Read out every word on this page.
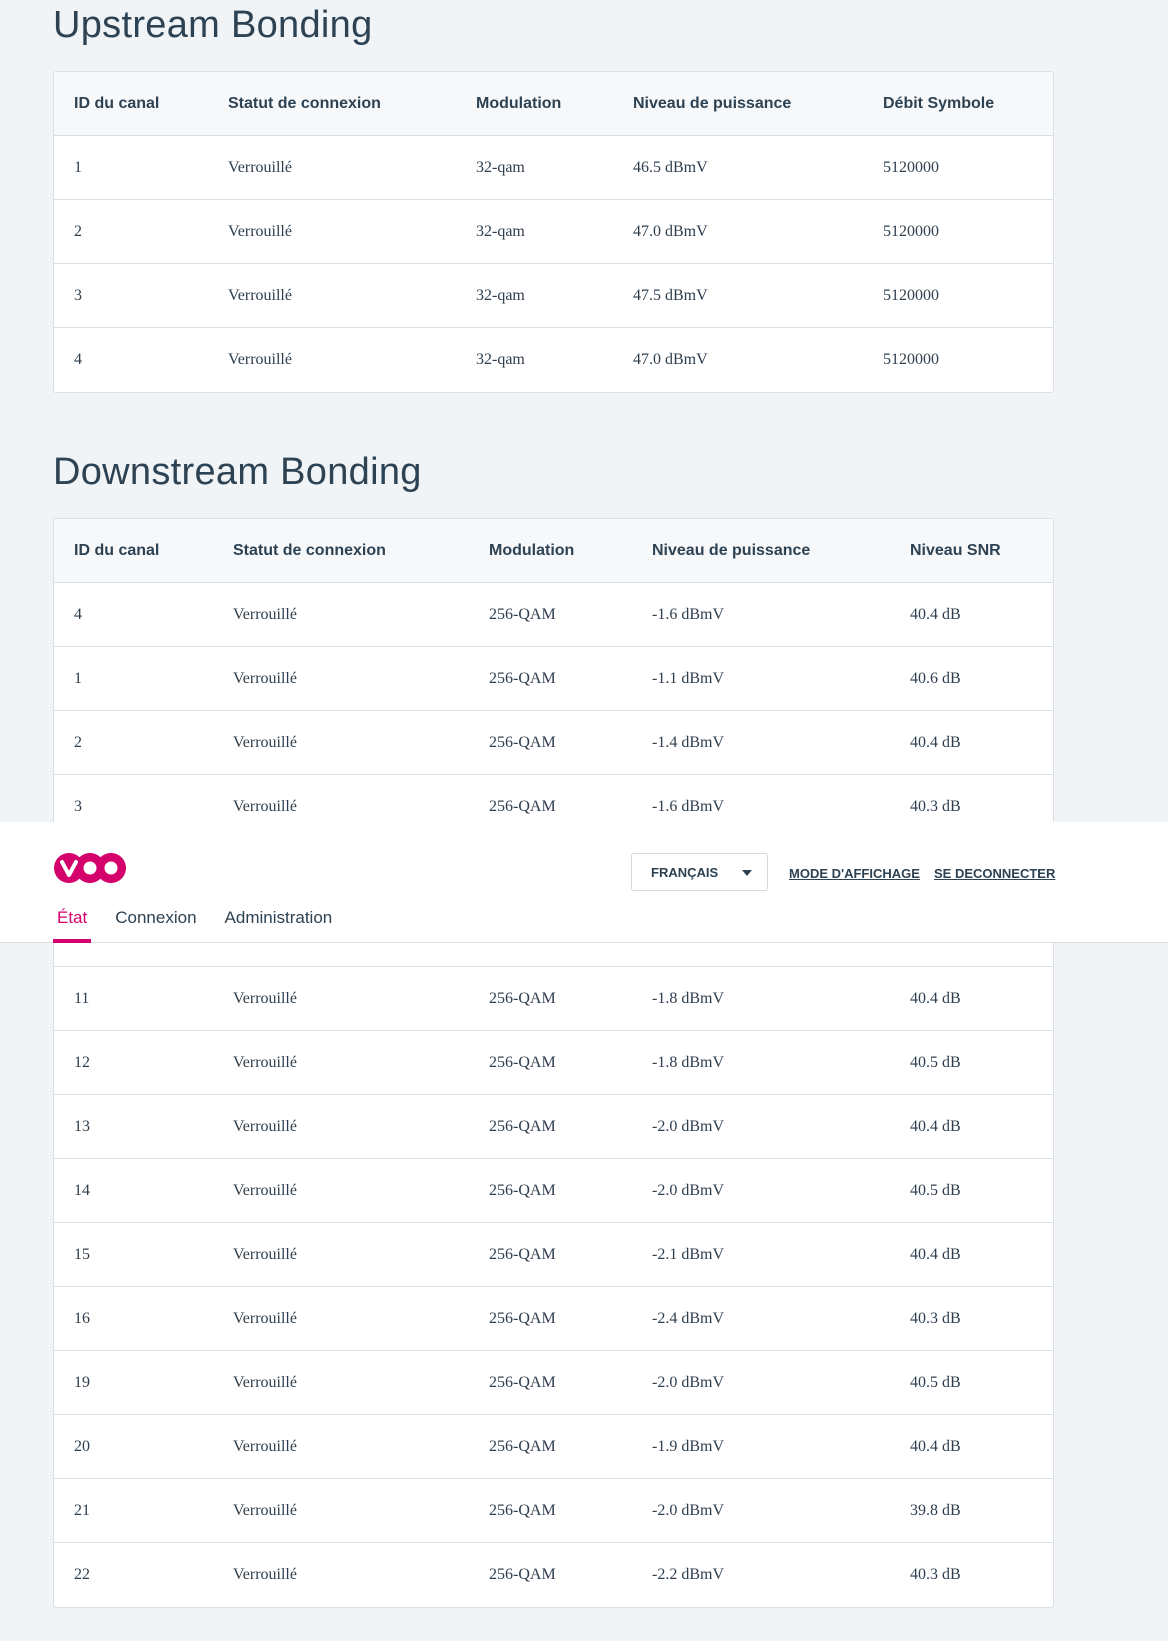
Upstream Bonding
ID du canal	Statut de connexion	Modulation	Niveau de puissance	Débit Symbole
1	Verrouillé	32-qam	46.5 dBmV	5120000
2	Verrouillé	32-qam	47.0 dBmV	5120000
3	Verrouillé	32-qam	47.5 dBmV	5120000
4	Verrouillé	32-qam	47.0 dBmV	5120000
Downstream Bonding
ID du canal	Statut de connexion	Modulation	Niveau de puissance	Niveau SNR
4	Verrouillé	256-QAM	-1.6 dBmV	40.4 dB
1	Verrouillé	256-QAM	-1.1 dBmV	40.6 dB
2	Verrouillé	256-QAM	-1.4 dBmV	40.4 dB
3	Verrouillé	256-QAM	-1.6 dBmV	40.3 dB
11	Verrouillé	256-QAM	-1.8 dBmV	40.4 dB
12	Verrouillé	256-QAM	-1.8 dBmV	40.5 dB
13	Verrouillé	256-QAM	-2.0 dBmV	40.4 dB
14	Verrouillé	256-QAM	-2.0 dBmV	40.5 dB
15	Verrouillé	256-QAM	-2.1 dBmV	40.4 dB
16	Verrouillé	256-QAM	-2.4 dBmV	40.3 dB
19	Verrouillé	256-QAM	-2.0 dBmV	40.5 dB
20	Verrouillé	256-QAM	-1.9 dBmV	40.4 dB
21	Verrouillé	256-QAM	-2.0 dBmV	39.8 dB
22	Verrouillé	256-QAM	-2.2 dBmV	40.3 dB
FRANÇAIS	MODE D'AFFICHAGE SE DECONNECTER
État Connexion Administration
